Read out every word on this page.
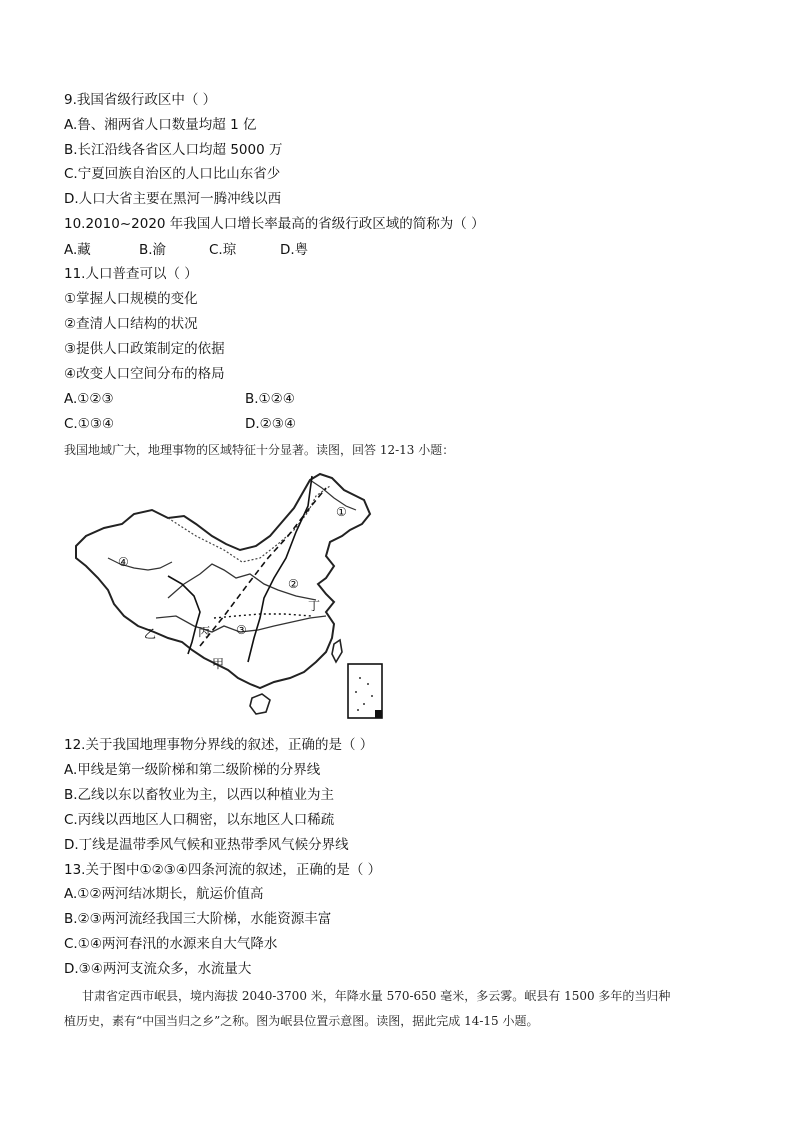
9.我国省级行政区中（ ）
A.鲁、湘两省人口数量均超 1 亿
B.长江沿线各省区人口均超 5000 万
C.宁夏回族自治区的人口比山东省少
D.人口大省主要在黑河一腾冲线以西
10.2010~2020 年我国人口增长率最高的省级行政区域的简称为（ ）
A.藏	B.渝	C.琼	D.粤
11.人口普查可以（ ）
①掌握人口规模的变化
②查清人口结构的状况
③提供人口政策制定的依据
④改变人口空间分布的格局
A.①②③	B.①②④
C.①③④	D.②③④
我国地域广大，地理事物的区域特征十分显著。读图，回答 12-13 小题：
①
②
③
④
甲
乙	丙
丁
12.关于我国地理事物分界线的叙述，正确的是（ ）
A.甲线是第一级阶梯和第二级阶梯的分界线
B.乙线以东以畜牧业为主，以西以种植业为主
C.丙线以西地区人口稠密，以东地区人口稀疏
D.丁线是温带季风气候和亚热带季风气候分界线
13.关于图中①②③④四条河流的叙述，正确的是（ ）
A.①②两河结冰期长，航运价值高
B.②③两河流经我国三大阶梯，水能资源丰富
C.①④两河春汛的水源来自大气降水
D.③④两河支流众多，水流量大
甘肃省定西市岷县，境内海拔 2040-3700 米，年降水量 570-650 毫米，多云雾。岷县有 1500 多年的当归种
植历史，素有“中国当归之乡”之称。图为岷县位置示意图。读图，据此完成 14-15 小题。
